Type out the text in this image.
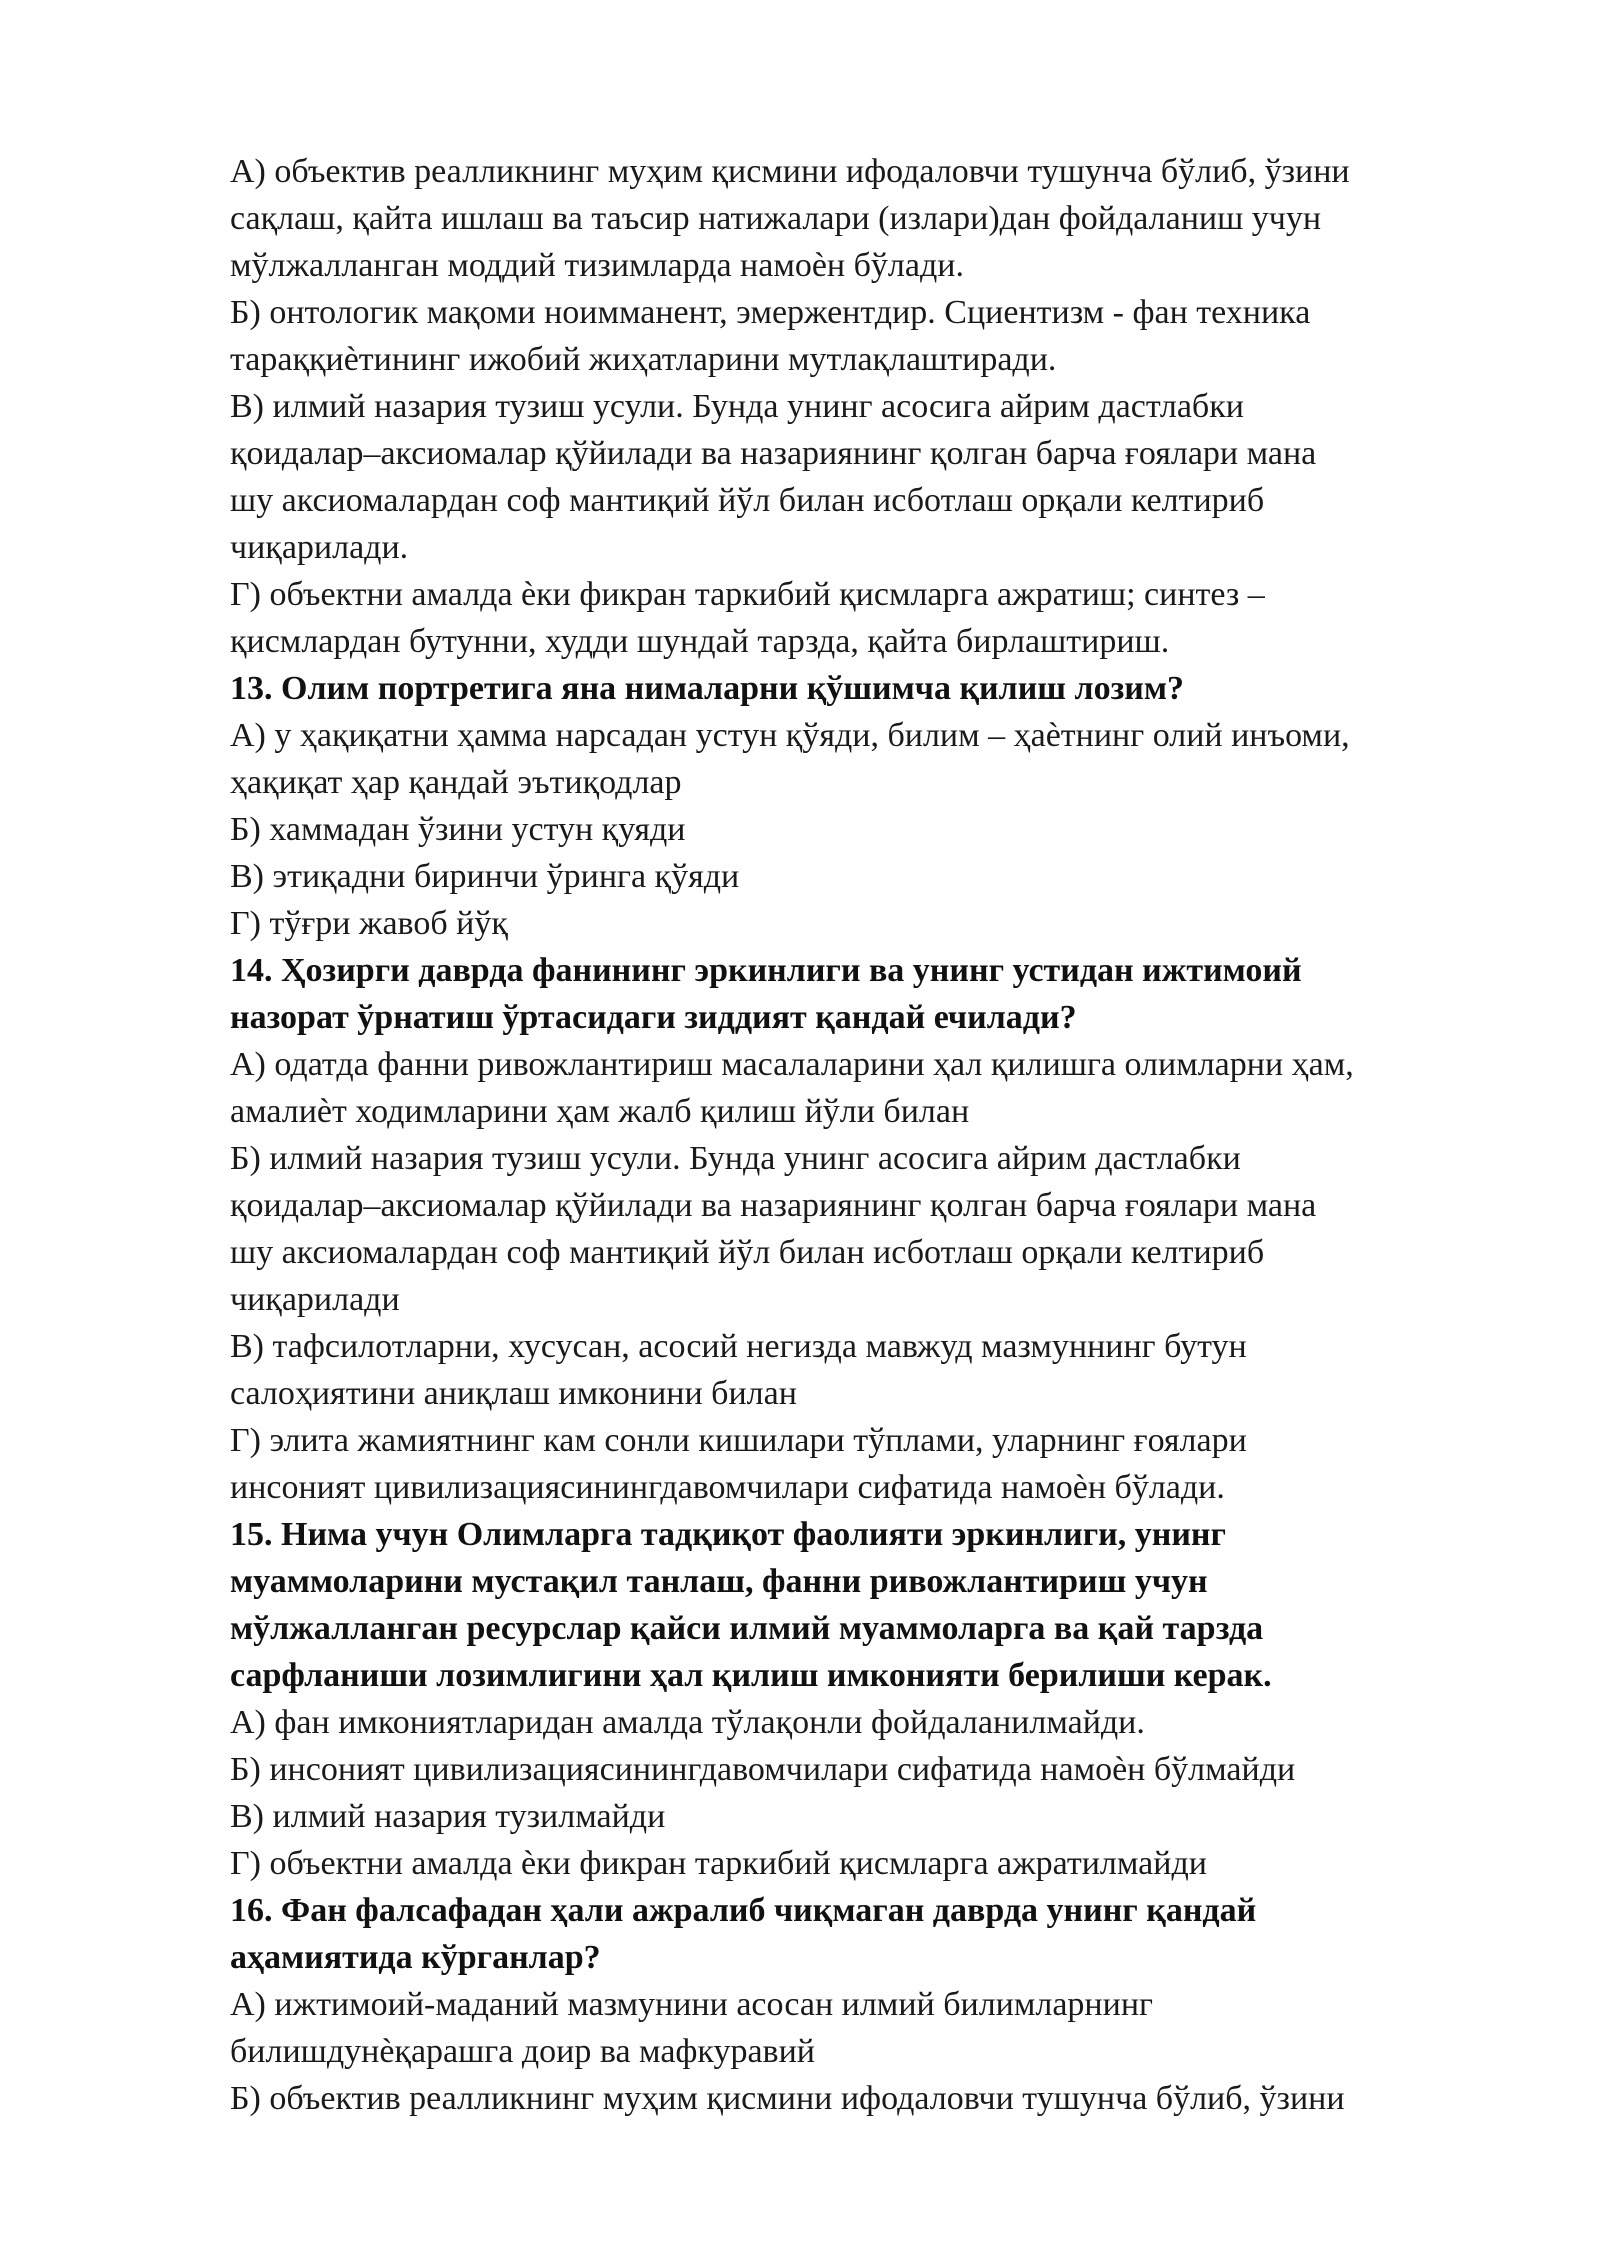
А) объектив реалликнинг муҳим қисмини ифодаловчи тушунча бўлиб, ўзини
сақлаш, қайта ишлаш ва таъсир натижалари (излари)дан фойдаланиш учун
мўлжалланган моддий тизимларда намоѐн бўлади.

Б) онтологик мақоми ноимманент, эмержентдир. Сциентизм - фан техника
тараққиѐтининг ижобий жиҳатларини мутлақлаштиради.

В) илмий назария тузиш усули. Бунда унинг асосига айрим дастлабки
қоидалар–аксиомалар қўйилади ва назариянинг қолган барча ғоялари мана
шу аксиомалардан соф мантиқий йўл билан исботлаш орқали келтириб
чиқарилади.

Г) объектни амалда ѐки фикран таркибий қисмларга ажратиш; синтез –
қисмлардан бутунни, худди шундай тарзда, қайта бирлаштириш.

13. Олим портретига яна нималарни қўшимча қилиш лозим?

А) у ҳақиқатни ҳамма нарсадан устун қўяди, билим – ҳаѐтнинг олий инъоми,
ҳақиқат ҳар қандай эътиқодлар

Б) хаммадан ўзини устун қуяди

В) этиқадни биринчи ўринга қўяди

Г) тўғри жавоб йўқ

14. Ҳозирги даврда фанининг эркинлиги ва унинг устидан ижтимоий
назорат ўрнатиш ўртасидаги зиддият қандай ечилади?

А) одатда фанни ривожлантириш масалаларини ҳал қилишга олимларни ҳам,
амалиѐт ходимларини ҳам жалб қилиш йўли билан

Б) илмий назария тузиш усули. Бунда унинг асосига айрим дастлабки
қоидалар–аксиомалар қўйилади ва назариянинг қолган барча ғоялари мана
шу аксиомалардан соф мантиқий йўл билан исботлаш орқали келтириб
чиқарилади

В) тафсилотларни, хусусан, асосий негизда мавжуд мазмуннинг бутун
салоҳиятини аниқлаш имконини билан

Г) элита жамиятнинг кам сонли кишилари тўплами, уларнинг ғоялари
инсоният цивилизациясинингдавомчилари сифатида намоѐн бўлади.

15. Нима учун Олимларга тадқиқот фаолияти эркинлиги, унинг
муаммоларини мустақил танлаш, фанни ривожлантириш учун
мўлжалланган ресурслар қайси илмий муаммоларга ва қай тарзда
сарфланиши лозимлигини ҳал қилиш имконияти берилиши керак.

А) фан имкониятларидан амалда тўлақонли фойдаланилмайди.

Б) инсоният цивилизациясинингдавомчилари сифатида намоѐн бўлмайди

В) илмий назария тузилмайди

Г) объектни амалда ѐки фикран таркибий қисмларга ажратилмайди

16. Фан фалсафадан ҳали ажралиб чиқмаган даврда унинг қандай
аҳамиятида кўрганлар?

А) ижтимоий-маданий мазмунини асосан илмий билимларнинг
билишдунѐқарашга доир ва мафкуравий

Б) объектив реалликнинг муҳим қисмини ифодаловчи тушунча бўлиб, ўзини
